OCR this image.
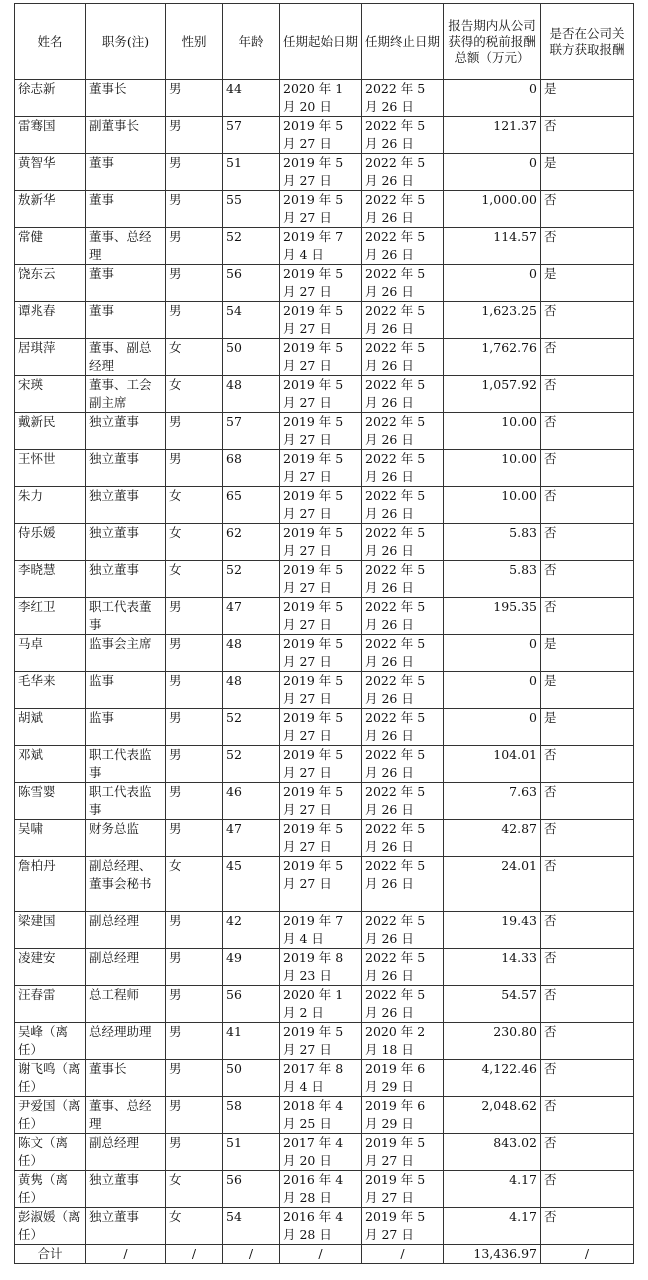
姓名	职务(注)	性别	年龄	任期起始日期	任期终止日期	报告期内从公司获得的税前报酬总额（万元）	是否在公司关联方获取报酬
徐志新	董事长	男	44	2020 年 1 月 20 日	2022 年 5 月 26 日	0	是
雷骞国	副董事长	男	57	2019 年 5 月 27 日	2022 年 5 月 26 日	121.37	否
黄智华	董事	男	51	2019 年 5 月 27 日	2022 年 5 月 26 日	0	是
敖新华	董事	男	55	2019 年 5 月 27 日	2022 年 5 月 26 日	1,000.00	否
常健	董事、总经理	男	52	2019 年 7 月 4 日	2022 年 5 月 26 日	114.57	否
饶东云	董事	男	56	2019 年 5 月 27 日	2022 年 5 月 26 日	0	是
谭兆春	董事	男	54	2019 年 5 月 27 日	2022 年 5 月 26 日	1,623.25	否
居琪萍	董事、副总经理	女	50	2019 年 5 月 27 日	2022 年 5 月 26 日	1,762.76	否
宋瑛	董事、工会副主席	女	48	2019 年 5 月 27 日	2022 年 5 月 26 日	1,057.92	否
戴新民	独立董事	男	57	2019 年 5 月 27 日	2022 年 5 月 26 日	10.00	否
王怀世	独立董事	男	68	2019 年 5 月 27 日	2022 年 5 月 26 日	10.00	否
朱力	独立董事	女	65	2019 年 5 月 27 日	2022 年 5 月 26 日	10.00	否
侍乐媛	独立董事	女	62	2019 年 5 月 27 日	2022 年 5 月 26 日	5.83	否
李晓慧	独立董事	女	52	2019 年 5 月 27 日	2022 年 5 月 26 日	5.83	否
李红卫	职工代表董事	男	47	2019 年 5 月 27 日	2022 年 5 月 26 日	195.35	否
马卓	监事会主席	男	48	2019 年 5 月 27 日	2022 年 5 月 26 日	0	是
毛华来	监事	男	48	2019 年 5 月 27 日	2022 年 5 月 26 日	0	是
胡斌	监事	男	52	2019 年 5 月 27 日	2022 年 5 月 26 日	0	是
邓斌	职工代表监事	男	52	2019 年 5 月 27 日	2022 年 5 月 26 日	104.01	否
陈雪婴	职工代表监事	男	46	2019 年 5 月 27 日	2022 年 5 月 26 日	7.63	否
吴啸	财务总监	男	47	2019 年 5 月 27 日	2022 年 5 月 26 日	42.87	否
詹柏丹	副总经理、董事会秘书	女	45	2019 年 5 月 27 日	2022 年 5 月 26 日	24.01	否
梁建国	副总经理	男	42	2019 年 7 月 4 日	2022 年 5 月 26 日	19.43	否
凌建安	副总经理	男	49	2019 年 8 月 23 日	2022 年 5 月 26 日	14.33	否
汪春雷	总工程师	男	56	2020 年 1 月 2 日	2022 年 5 月 26 日	54.57	否
吴峰（离任）	总经理助理	男	41	2019 年 5 月 27 日	2020 年 2 月 18 日	230.80	否
谢飞鸣（离任）	董事长	男	50	2017 年 8 月 4 日	2019 年 6 月 29 日	4,122.46	否
尹爱国（离任）	董事、总经理	男	58	2018 年 4 月 25 日	2019 年 6 月 29 日	2,048.62	否
陈文（离任）	副总经理	男	51	2017 年 4 月 20 日	2019 年 5 月 27 日	843.02	否
黄隽（离任）	独立董事	女	56	2016 年 4 月 28 日	2019 年 5 月 27 日	4.17	否
彭淑媛（离任）	独立董事	女	54	2016 年 4 月 28 日	2019 年 5 月 27 日	4.17	否
合计	/	/	/	/	/	13,436.97	/
